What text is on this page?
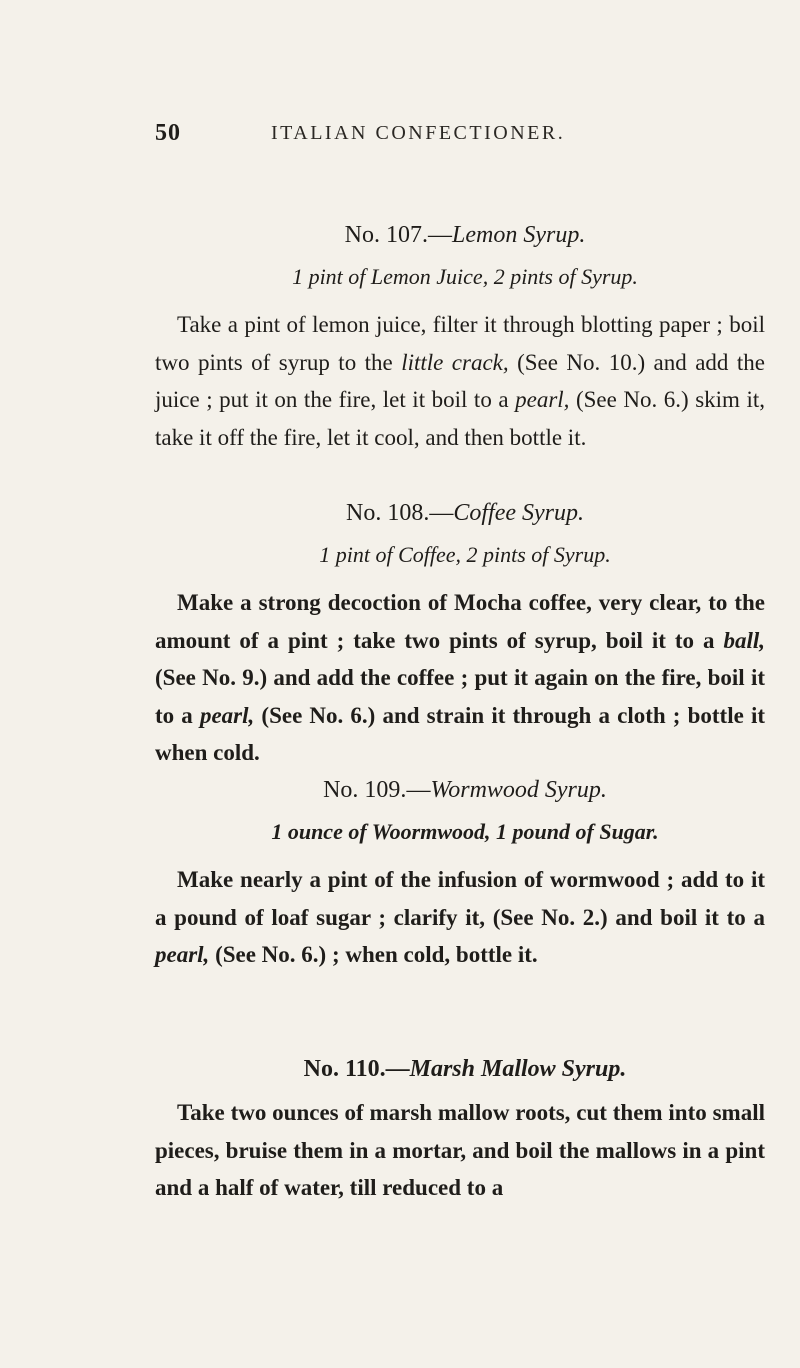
50	ITALIAN CONFECTIONER.

No. 107.—Lemon Syrup.

1 pint of Lemon Juice, 2 pints of Syrup.

Take a pint of lemon juice, filter it through blotting paper ; boil two pints of syrup to the little crack, (See No. 10.) and add the juice ; put it on the fire, let it boil to a pearl, (See No. 6.) skim it, take it off the fire, let it cool, and then bottle it.

No. 108.—Coffee Syrup.

1 pint of Coffee, 2 pints of Syrup.

Make a strong decoction of Mocha coffee, very clear, to the amount of a pint ; take two pints of syrup, boil it to a ball, (See No. 9.) and add the coffee ; put it again on the fire, boil it to a pearl, (See No. 6.) and strain it through a cloth ; bottle it when cold.

No. 109.—Wormwood Syrup.

1 ounce of Woormwood, 1 pound of Sugar.

Make nearly a pint of the infusion of wormwood ; add to it a pound of loaf sugar ; clarify it, (See No. 2.) and boil it to a pearl, (See No. 6.) ; when cold, bottle it.

No. 110.—Marsh Mallow Syrup.

Take two ounces of marsh mallow roots, cut them into small pieces, bruise them in a mortar, and boil the mallows in a pint and a half of water, till reduced to a
